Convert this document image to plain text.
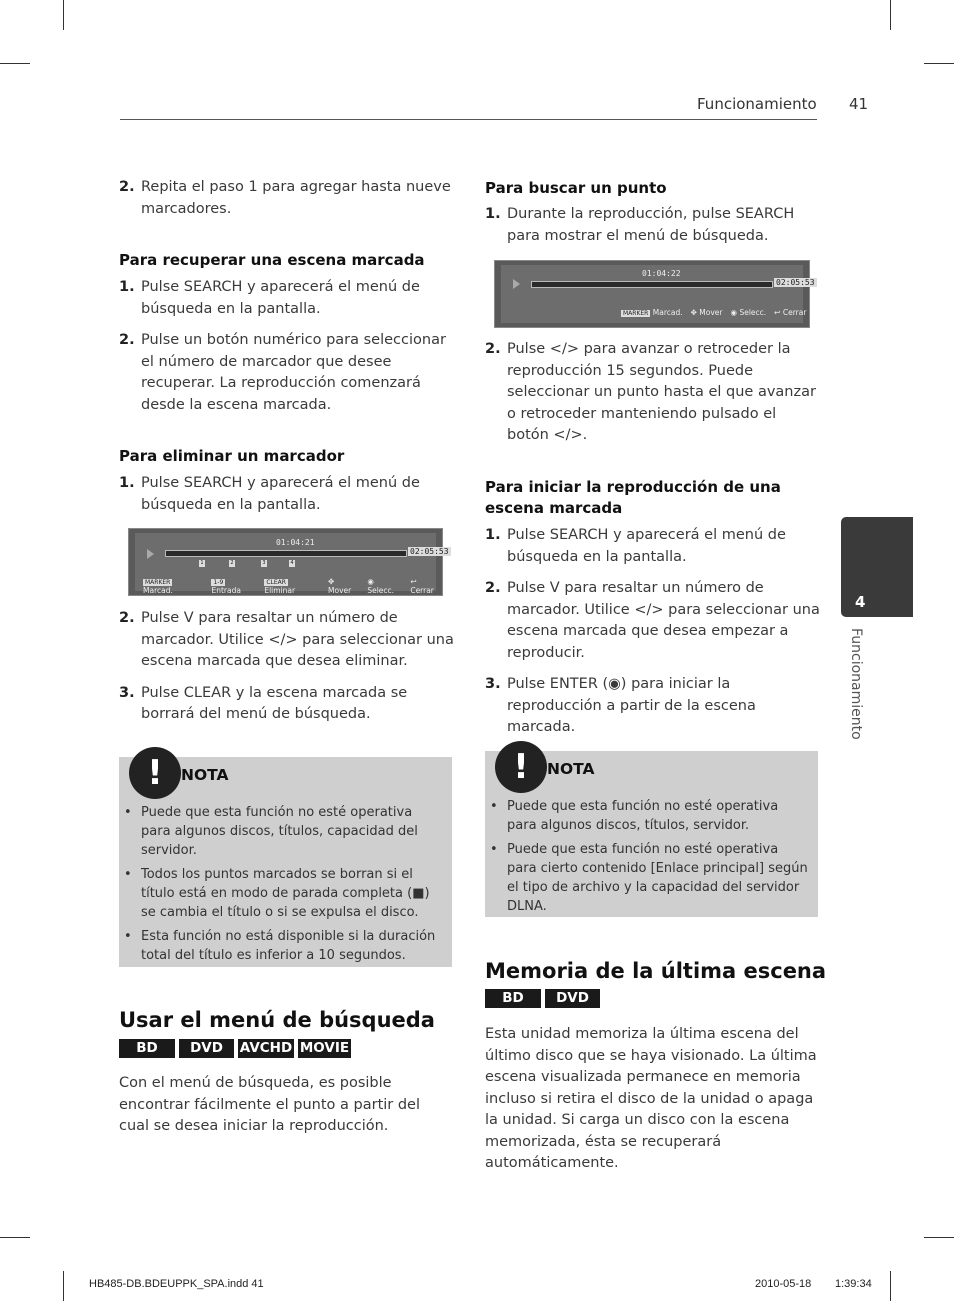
Funcionamiento 41
2. Repita el paso 1 para agregar hasta nueve marcadores.

Para recuperar una escena marcada

1. Pulse SEARCH y aparecerá el menú de búsqueda en la pantalla.
2. Pulse un botón numérico para seleccionar el número de marcador que desee recuperar. La reproducción comenzará desde la escena marcada.

Para eliminar un marcador

1. Pulse SEARCH y aparecerá el menú de búsqueda en la pantalla.
01:04:21
02:05:53
1	2	3	4
MARKER Marcad.
1-9 Entrada
CLEAR Eliminar
✥ Mover
◉ Selecc.
↩ Cerrar
2. Pulse V para resaltar un número de marcador. Utilice </> para seleccionar una escena marcada que desea eliminar.
3. Pulse CLEAR y la escena marcada se borrará del menú de búsqueda.
!	NOTA
• Puede que esta función no esté operativa para algunos discos, títulos, capacidad del servidor.
• Todos los puntos marcados se borran si el título está en modo de parada completa (■) se cambia el título o si se expulsa el disco.
• Esta función no está disponible si la duración total del título es inferior a 10 segundos.
Usar el menú de búsqueda
BD	DVD	AVCHD MOVIE

Con el menú de búsqueda, es posible encontrar fácilmente el punto a partir del cual se desea iniciar la reproducción.

Para buscar un punto

1. Durante la reproducción, pulse SEARCH para mostrar el menú de búsqueda.
01:04:22
02:05:53
MARKER Marcad. ✥ Mover ◉ Selecc. ↩ Cerrar
2. Pulse </> para avanzar o retroceder la reproducción 15 segundos. Puede seleccionar un punto hasta el que avanzar o retroceder manteniendo pulsado el botón </>.

Para iniciar la reproducción de una escena marcada

1. Pulse SEARCH y aparecerá el menú de búsqueda en la pantalla.
2. Pulse V para resaltar un número de marcador. Utilice </> para seleccionar una escena marcada que desea empezar a reproducir.
3. Pulse ENTER (◉) para iniciar la reproducción a partir de la escena marcada.
!	NOTA
• Puede que esta función no esté operativa para algunos discos, títulos, servidor.
• Puede que esta función no esté operativa para cierto contenido [Enlace principal] según el tipo de archivo y la capacidad del servidor DLNA.
Memoria de la última escena
BD	DVD

Esta unidad memoriza la última escena del último disco que se haya visionado. La última escena visualizada permanece en memoria incluso si retira el disco de la unidad o apaga la unidad. Si carga un disco con la escena memorizada, ésta se recuperará automáticamente.

4
Funcionamiento
HB485-DB.BDEUPPK_SPA.indd 41	2010-05-18 1:39:34
